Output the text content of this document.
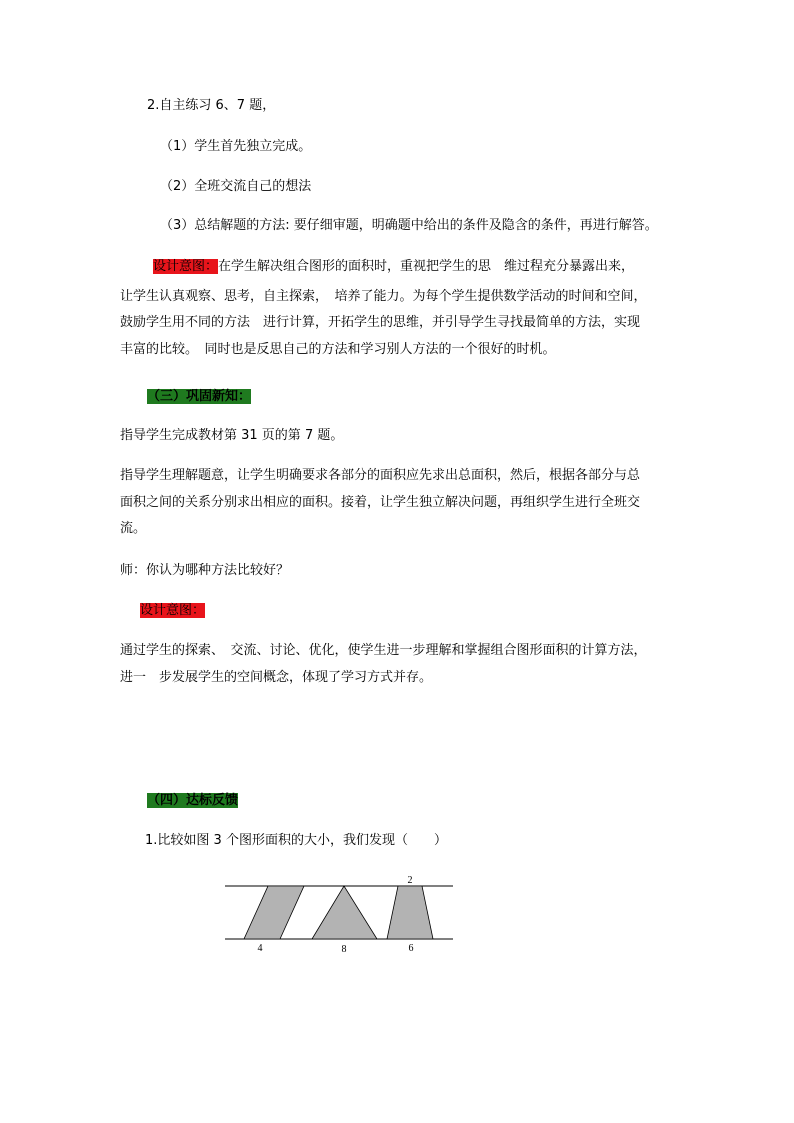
2.自主练习 6、7 题，
（1）学生首先独立完成。
（2）全班交流自己的想法
（3）总结解题的方法: 要仔细审题，明确题中给出的条件及隐含的条件，再进行解答。
设计意图：在学生解决组合图形的面积时，重视把学生的思　维过程充分暴露出来，
让学生认真观察、思考，自主探索，　培养了能力。为每个学生提供数学活动的时间和空间，
鼓励学生用不同的方法　进行计算，开拓学生的思维，并引导学生寻找最简单的方法，实现
丰富的比较。　同时也是反思自己的方法和学习别人方法的一个很好的时机。
（三）巩固新知：
指导学生完成教材第 31 页的第 7 题。
指导学生理解题意，让学生明确要求各部分的面积应先求出总面积，然后，根据各部分与总
面积之间的关系分别求出相应的面积。接着，让学生独立解决问题，再组织学生进行全班交
流。
师：你认为哪种方法比较好？
设计意图：
通过学生的探索、　交流、讨论、优化，使学生进一步理解和掌握组合图形面积的计算方法，
进一　步发展学生的空间概念，体现了学习方式并存。
（四）达标反馈
1.比较如图 3 个图形面积的大小，我们发现（　　）
2
4	8	6
